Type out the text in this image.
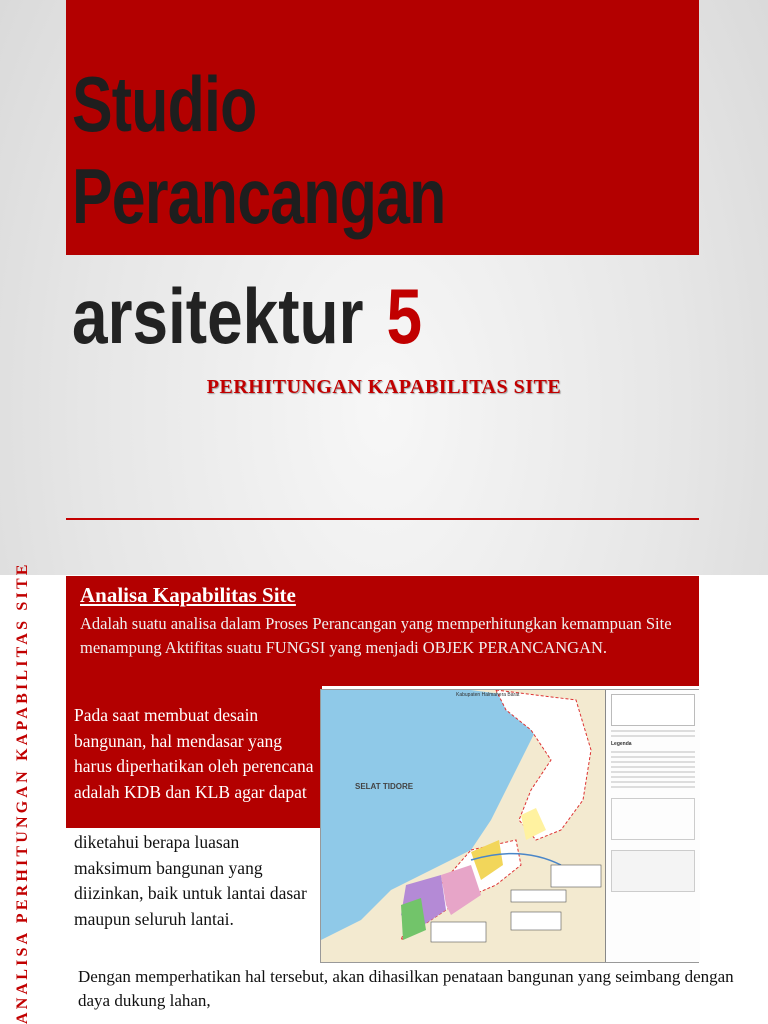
Studio
Perancangan
arsitektur 5
PERHITUNGAN KAPABILITAS SITE
ANALISA PERHITUNGAN KAPABILITAS SITE Analisa Kapabilitas Site
Adalah suatu analisa dalam Proses Perancangan yang memperhitungkan kemampuan Site menampung Aktifitas suatu FUNGSI yang menjadi OBJEK PERANCANGAN.
Pada saat membuat desain bangunan, hal mendasar yang harus diperhatikan oleh perencana adalah KDB dan KLB agar dapat
diketahui berapa luasan maksimum bangunan yang diizinkan, baik untuk lantai dasar maupun seluruh lantai.
SELAT TIDORE
Kabupaten Halmahera Barat
Legenda
Dengan memperhatikan hal tersebut, akan dihasilkan penataan bangunan yang seimbang dengan daya dukung lahan,
